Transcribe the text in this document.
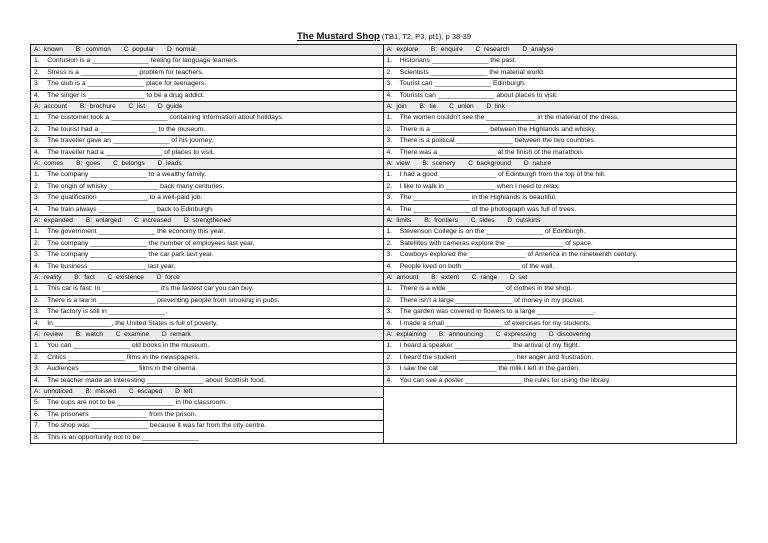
The Mustard Shop (TB1, T2, P3, pt1), p 38-39
A:  known       B:  common       C  popular       D  normal
1.    Confusion is a _______________ feeling for language learners.
2.    Stress is a _______________ problem for teachers.
3.    The club is a _______________ place for teenagers.
4.    The singer is _______________ to be a drug addict.
A:  explore       B:  enquire       C  research       D  analyse
1.    Historians _______________ the past.
2.    Scientists _______________ the material world.
3.    Tourist can _______________ Edinburgh.
4.    Tourists can _______________ about places to visit.
A:  account       B:  brochure       C  list       D  guide
1.    The customer took a _______________ containing information about holidays.
2.    The tourist had a _______________ to the museum.
3.    The traveller gave an _______________ of his journey.
4.    The traveller had a _______________ of places to visit.
A:  join       B:  tie       C  union       D  link
1.    The women couldn't see the _____________ in the material of the dress.
2.    There is a _______________ between the Highlands and whisky.
3.    There is a political _______________ between the two countries.
4.    There was a _______________ at the finish of the marathon.
A:  comes       B:  goes       C  belongs       D  leads
1.    The company _______________ to a wealthy family.
2.    The origin of whisky _____________ back many centuries.
3.    The qualification _____________ to a well-paid job.
4.    The train always _______________ back to Edinburgh.
A:  view       B:  scenery       C  background       D  nature
1.    I had a good _______________ of Edinburgh from the top of the hill.
2.    I like to walk in _____________ when I need to relax.
3.    The _______________ in the Highlands is beautiful.
4.    The _______________ of the photograph was full of trees.
A:  expanded       B:  enlarged       C  increased       D  strengthened
1.    The government _______________ the economy this year.
2.    The company _______________ the number of employees last year.
3.    The company _______________ the car park last year.
4.    The business _______________ last year.
A:  limits       B:  frontiers       C  sides       D  outskirts
1.    Stevenson College is on the _______________ of Edinburgh.
2.    Satellites with cameras explore the _______________ of space.
3.    Cowboys explored the _______________ of America in the nineteenth century.
4.    People lived on both _______________ of the wall.
A:  reality       B:  fact       C  existence       D  force
1.    This car is fast. In _______________ it's the fastest car you can buy.
2.    There is a law in _______________ preventing people from smoking in pubs.
3.    The factory is still in _______________.
4.    In _______________, the United States is full of poverty.
A:  amount       B:  extent       C  range       D  set
1.    There is a wide _______________ of clothes in the shop.
2.    There isn't a large _______________ of money in my pocket.
3.    The garden was covered in flowers to a large _______________.
4.    I made a small _______________ of exercises for my students.
A:  review       B:  watch       C  examine       D  remark
1.    You can _______________ old books in the museum.
2.    Critics _______________ films in the newspapers.
3.    Audiences _______________ films in the cinema.
4.    The teacher made an interesting _______________ about Scottish food.
A:  explaining       B:  announcing       C  expressing       D  discovering
1.    I heard a speaker _______________ the arrival of my flight.
2.    I heard the student _______________ her anger and frustration.
3.    I saw the cat _______________ the milk I left in the garden.
4.    You can see a poster _______________ the rules for using the library.
A:  unnoticed       B:  missed       C  escaped       D  left
5.    The cups are not to be _______________ in the classroom.
6.    The prisoners _______________ from the prison.
7.    The shop was _______________ because it was far from the city centre.
8.    This is an opportunity not to be _______________
